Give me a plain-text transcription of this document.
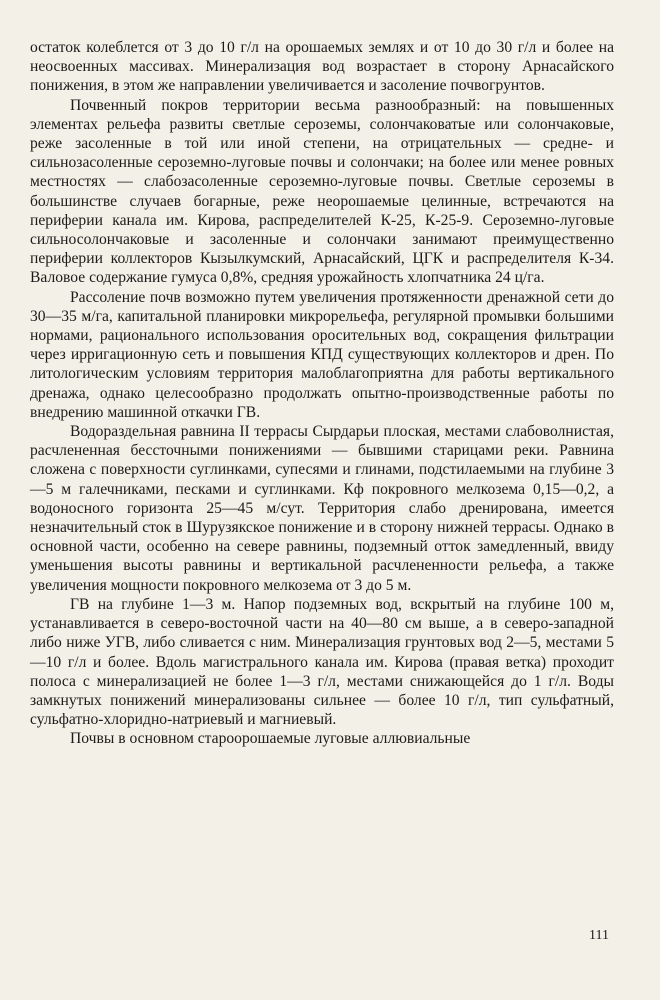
остаток колеблется от 3 до 10 г/л на орошаемых землях и от 10 до 30 г/л и более на неосвоенных массивах. Минерализация вод возрастает в сторону Арнасайского понижения, в этом же направлении увеличивается и засоление почвогрунтов.

Почвенный покров территории весьма разнообразный: на повышенных элементах рельефа развиты светлые сероземы, солончаковатые или солончаковые, реже засоленные в той или иной степени, на отрицательных — средне- и сильнозасоленные сероземно-луговые почвы и солончаки; на более или менее ровных местностях — слабозасоленные сероземно-луговые почвы. Светлые сероземы в большинстве случаев богарные, реже неорошаемые целинные, встречаются на периферии канала им. Кирова, распределителей К-25, К-25-9. Сероземно-луговые сильносолончаковые и засоленные и солончаки занимают преимущественно периферии коллекторов Кызылкумский, Арнасайский, ЦГК и распределителя К-34. Валовое содержание гумуса 0,8%, средняя урожайность хлопчатника 24 ц/га.

Рассоление почв возможно путем увеличения протяженности дренажной сети до 30—35 м/га, капитальной планировки микрорельефа, регулярной промывки большими нормами, рационального использования оросительных вод, сокращения фильтрации через ирригационную сеть и повышения КПД существующих коллекторов и дрен. По литологическим условиям территория малоблагоприятна для работы вертикального дренажа, однако целесообразно продолжать опытно-производственные работы по внедрению машинной откачки ГВ.

Водораздельная равнина II террасы Сырдарьи плоская, местами слабоволнистая, расчлененная бессточными понижениями — бывшими старицами реки. Равнина сложена с поверхности суглинками, супесями и глинами, подстилаемыми на глубине 3—5 м галечниками, песками и суглинками. Кф покровного мелкозема 0,15—0,2, а водоносного горизонта 25—45 м/сут. Территория слабо дренирована, имеется незначительный сток в Шурузякское понижение и в сторону нижней террасы. Однако в основной части, особенно на севере равнины, подземный отток замедленный, ввиду уменьшения высоты равнины и вертикальной расчлененности рельефа, а также увеличения мощности покровного мелкозема от 3 до 5 м.

ГВ на глубине 1—3 м. Напор подземных вод, вскрытый на глубине 100 м, устанавливается в северо-восточной части на 40—80 см выше, а в северо-западной либо ниже УГВ, либо сливается с ним. Минерализация грунтовых вод 2—5, местами 5—10 г/л и более. Вдоль магистрального канала им. Кирова (правая ветка) проходит полоса с минерализацией не более 1—3 г/л, местами снижающейся до 1 г/л. Воды замкнутых понижений минерализованы сильнее — более 10 г/л, тип сульфатный, сульфатно-хлоридно-натриевый и магниевый.

Почвы в основном староорошаемые луговые аллювиальные

111
